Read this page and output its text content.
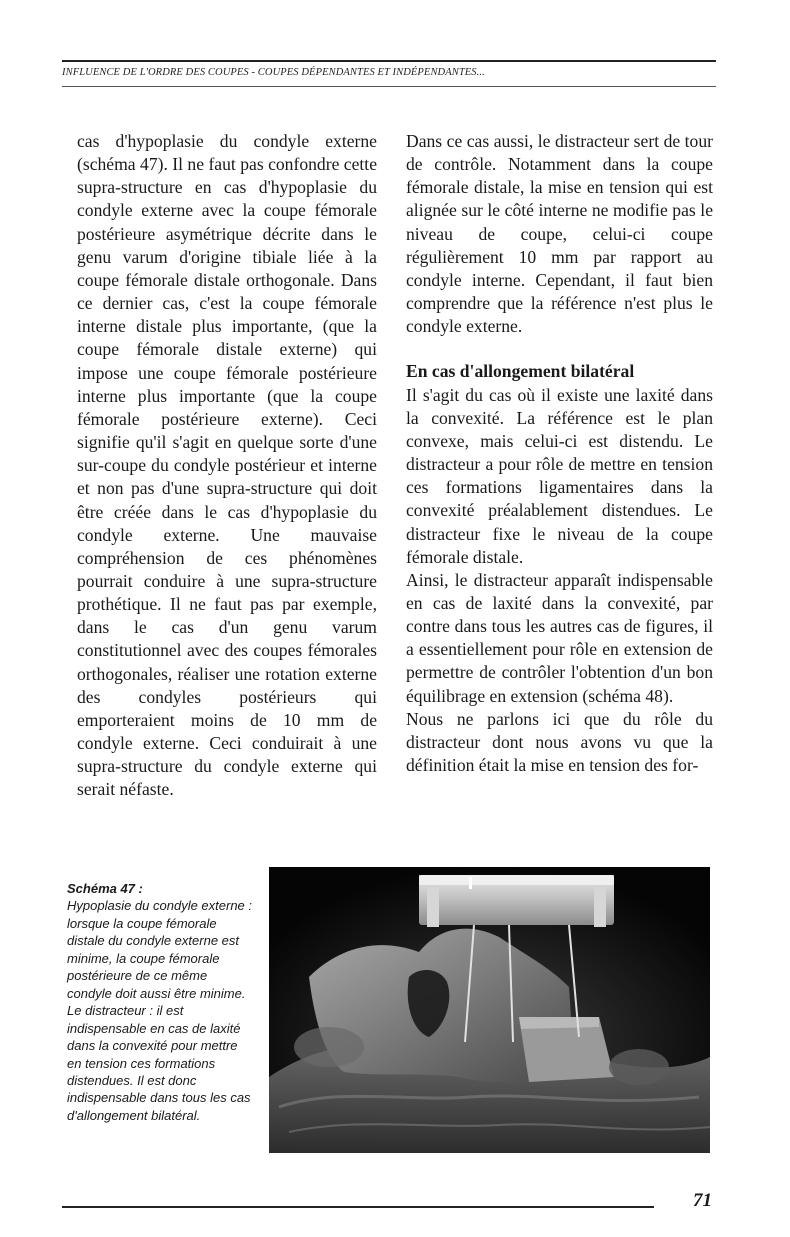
INFLUENCE DE L'ORDRE DES COUPES - COUPES DÉPENDANTES ET INDÉPENDANTES...

cas d'hypoplasie du condyle externe (schéma 47). Il ne faut pas confondre cette supra-structure en cas d'hypoplasie du condyle externe avec la coupe fémorale postérieure asymétrique décrite dans le genu varum d'origine tibiale liée à la coupe fémorale distale orthogonale. Dans ce dernier cas, c'est la coupe fémorale interne distale plus importante, (que la coupe fémorale distale externe) qui impose une coupe fémorale postérieure interne plus importante (que la coupe fémorale postérieure externe). Ceci signifie qu'il s'agit en quelque sorte d'une sur-coupe du condyle postérieur et interne et non pas d'une supra-structure qui doit être créée dans le cas d'hypoplasie du condyle externe. Une mauvaise compréhension de ces phénomènes pourrait conduire à une supra-structure prothétique. Il ne faut pas par exemple, dans le cas d'un genu varum constitutionnel avec des coupes fémorales orthogonales, réaliser une rotation externe des condyles postérieurs qui emporteraient moins de 10 mm de condyle externe. Ceci conduirait à une supra-structure du condyle externe qui serait néfaste.

Dans ce cas aussi, le distracteur sert de tour de contrôle. Notamment dans la coupe fémorale distale, la mise en tension qui est alignée sur le côté interne ne modifie pas le niveau de coupe, celui-ci coupe régulièrement 10 mm par rapport au condyle interne. Cependant, il faut bien comprendre que la référence n'est plus le condyle externe.

En cas d'allongement bilatéral

Il s'agit du cas où il existe une laxité dans la convexité. La référence est le plan convexe, mais celui-ci est distendu. Le distracteur a pour rôle de mettre en tension ces formations ligamentaires dans la convexité préalablement distendues. Le distracteur fixe le niveau de la coupe fémorale distale.

Ainsi, le distracteur apparaît indispensable en cas de laxité dans la convexité, par contre dans tous les autres cas de figures, il a essentiellement pour rôle en extension de permettre de contrôler l'obtention d'un bon équilibrage en extension (schéma 48).

Nous ne parlons ici que du rôle du distracteur dont nous avons vu que la définition était la mise en tension des for-

Schéma 47 :
Hypoplasie du condyle externe : lorsque la coupe fémorale distale du condyle externe est minime, la coupe fémorale postérieure de ce même condyle doit aussi être minime. Le distracteur : il est indispensable en cas de laxité dans la convexité pour mettre en tension ces formations distendues. Il est donc indispensable dans tous les cas d'allongement bilatéral.
71
